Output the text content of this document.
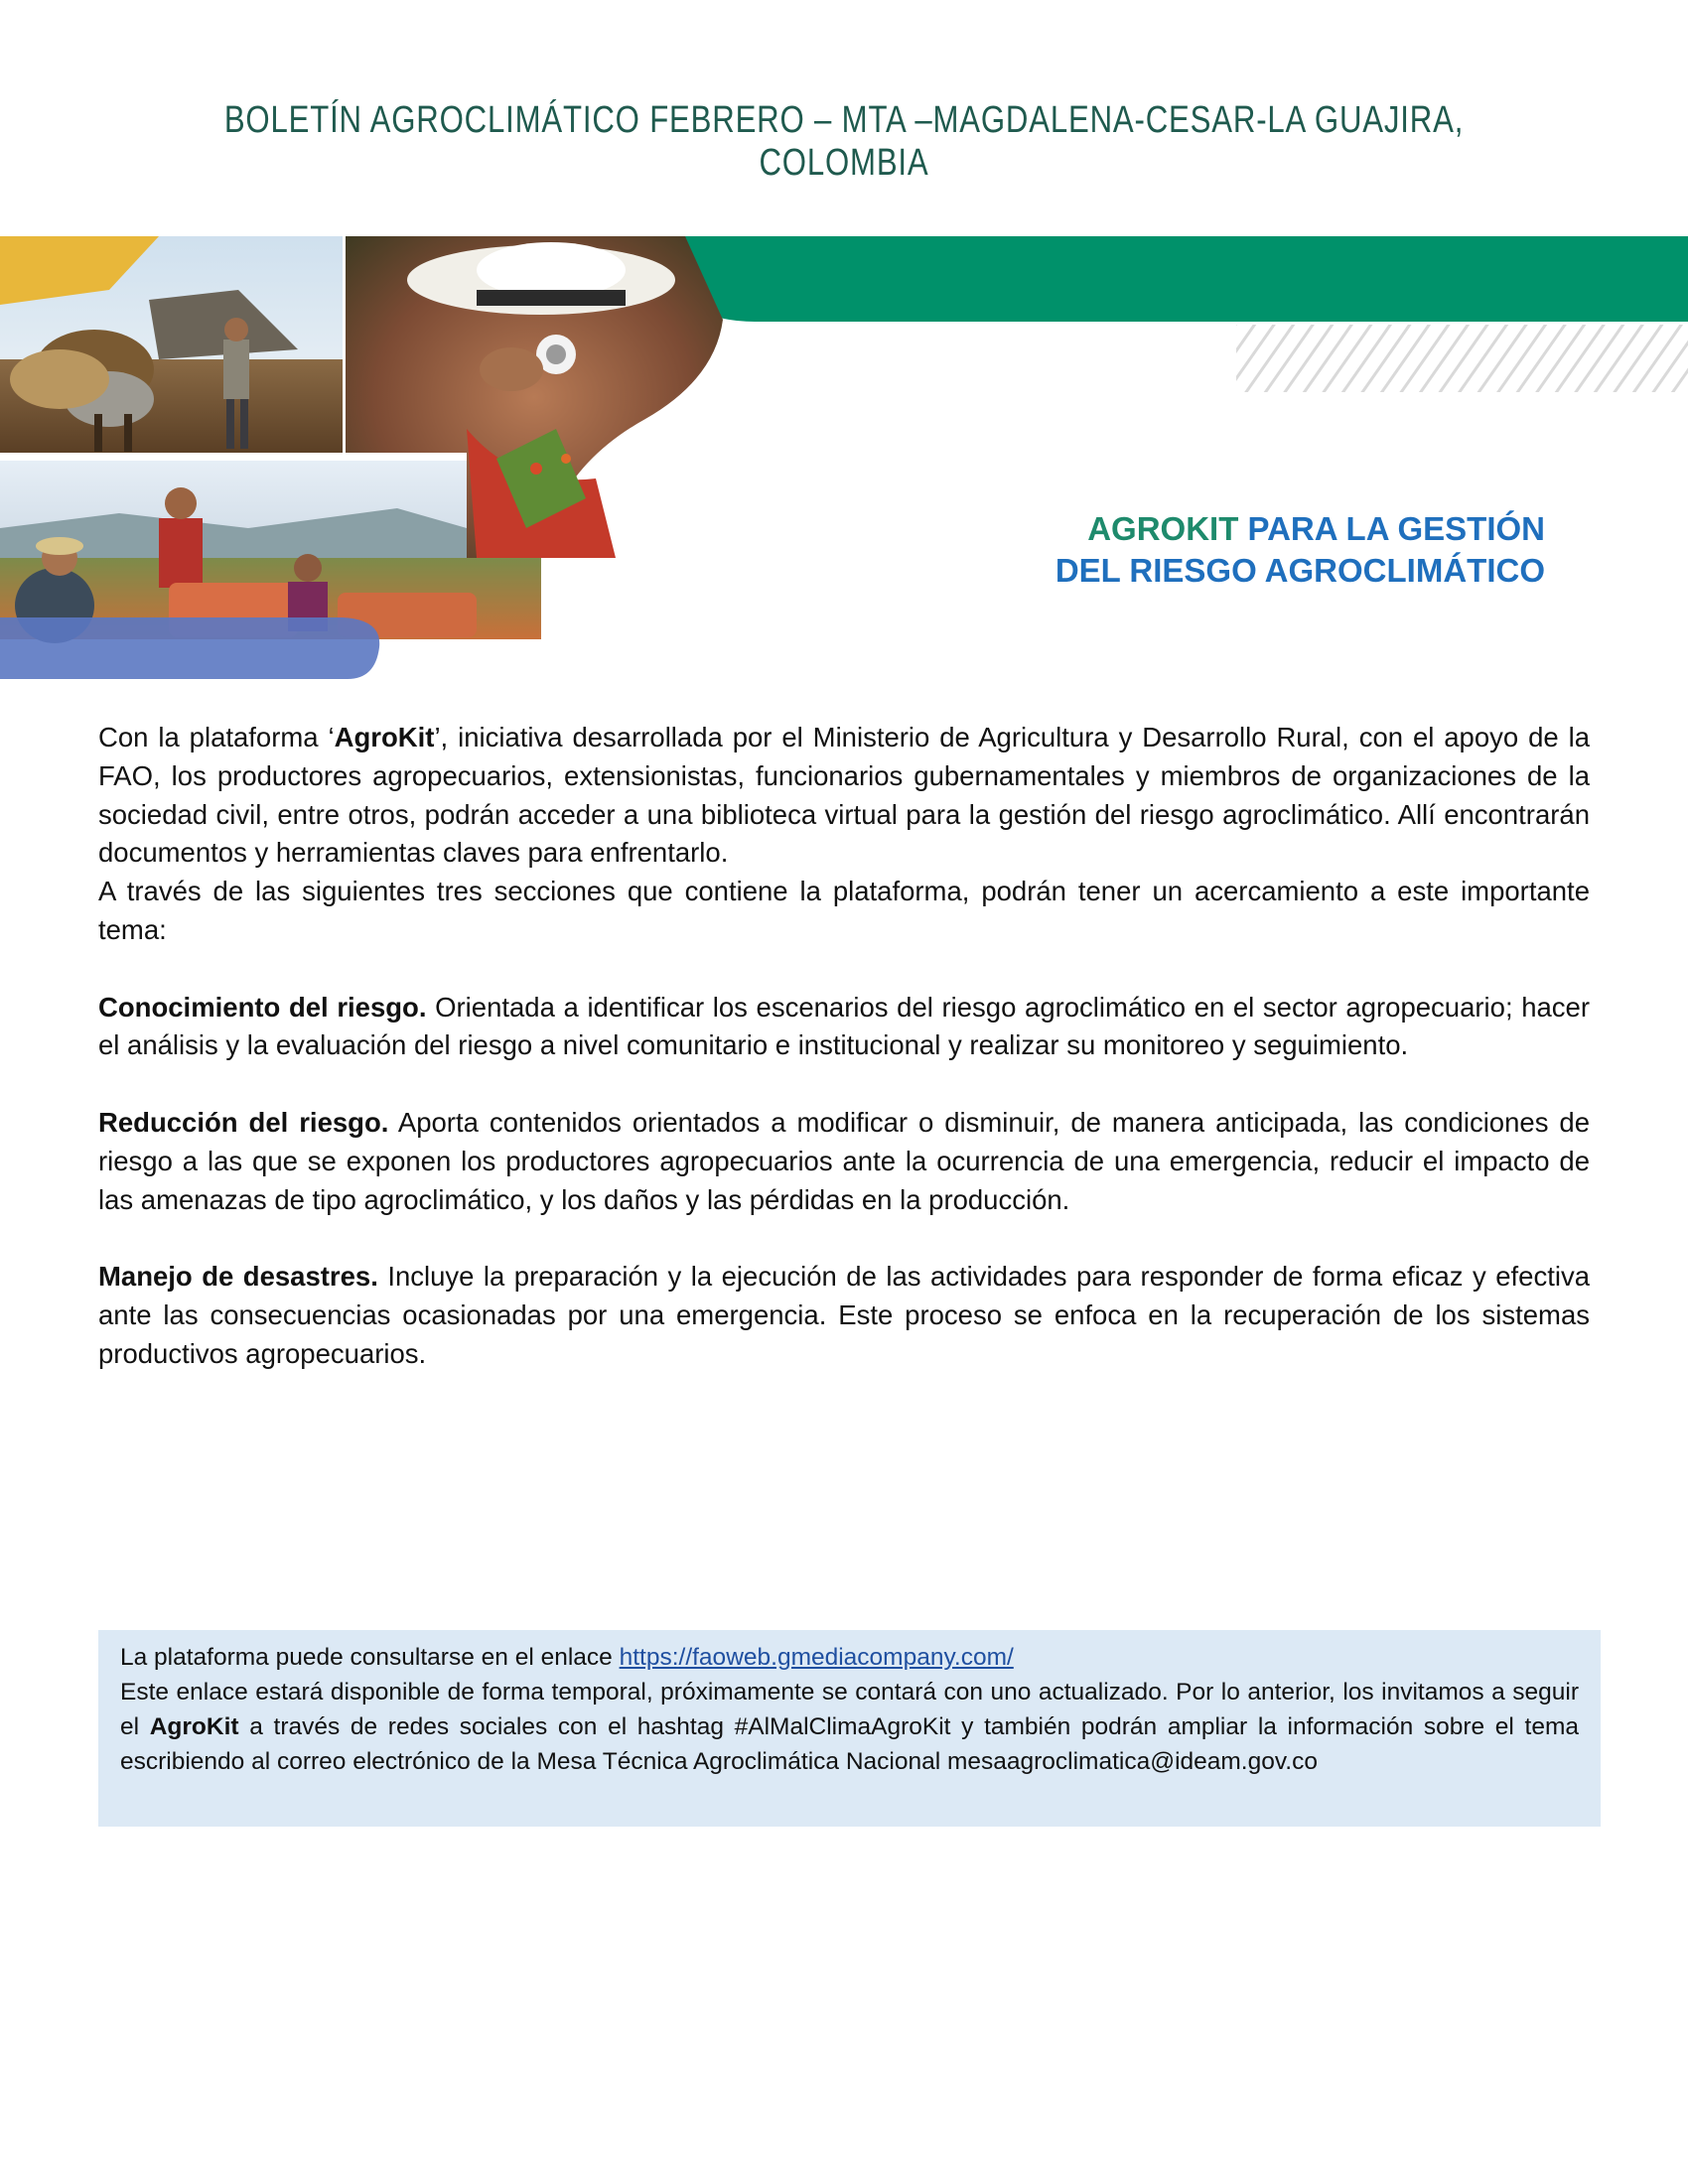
BOLETÍN AGROCLIMÁTICO FEBRERO – MTA –MAGDALENA-CESAR-LA GUAJIRA, COLOMBIA
AGROKIT PARA LA GESTIÓN
DEL RIESGO AGROCLIMÁTICO

Con la plataforma ‘AgroKit’, iniciativa desarrollada por el Ministerio de Agricultura y Desarrollo Rural, con el apoyo de la FAO, los productores agropecuarios, extensionistas, funcionarios gubernamentales y miembros de organizaciones de la sociedad civil, entre otros, podrán acceder a una biblioteca virtual para la gestión del riesgo agroclimático. Allí encontrarán documentos y herramientas claves para enfrentarlo.

A través de las siguientes tres secciones que contiene la plataforma, podrán tener un acercamiento a este importante tema:

Conocimiento del riesgo. Orientada a identificar los escenarios del riesgo agroclimático en el sector agropecuario; hacer el análisis y la evaluación del riesgo a nivel comunitario e institucional y realizar su monitoreo y seguimiento.

Reducción del riesgo. Aporta contenidos orientados a modificar o disminuir, de manera anticipada, las condiciones de riesgo a las que se exponen los productores agropecuarios ante la ocurrencia de una emergencia, reducir el impacto de las amenazas de tipo agroclimático, y los daños y las pérdidas en la producción.

Manejo de desastres. Incluye la preparación y la ejecución de las actividades para responder de forma eficaz y efectiva ante las consecuencias ocasionadas por una emergencia. Este proceso se enfoca en la recuperación de los sistemas productivos agropecuarios.

La plataforma puede consultarse en el enlace https://faoweb.gmediacompany.com/

Este enlace estará disponible de forma temporal, próximamente se contará con uno actualizado. Por lo anterior, los invitamos a seguir el AgroKit a través de redes sociales con el hashtag #AlMalClimaAgroKit y también podrán ampliar la información sobre el tema escribiendo al correo electrónico de la Mesa Técnica Agroclimática Nacional mesaagroclimatica@ideam.gov.co
